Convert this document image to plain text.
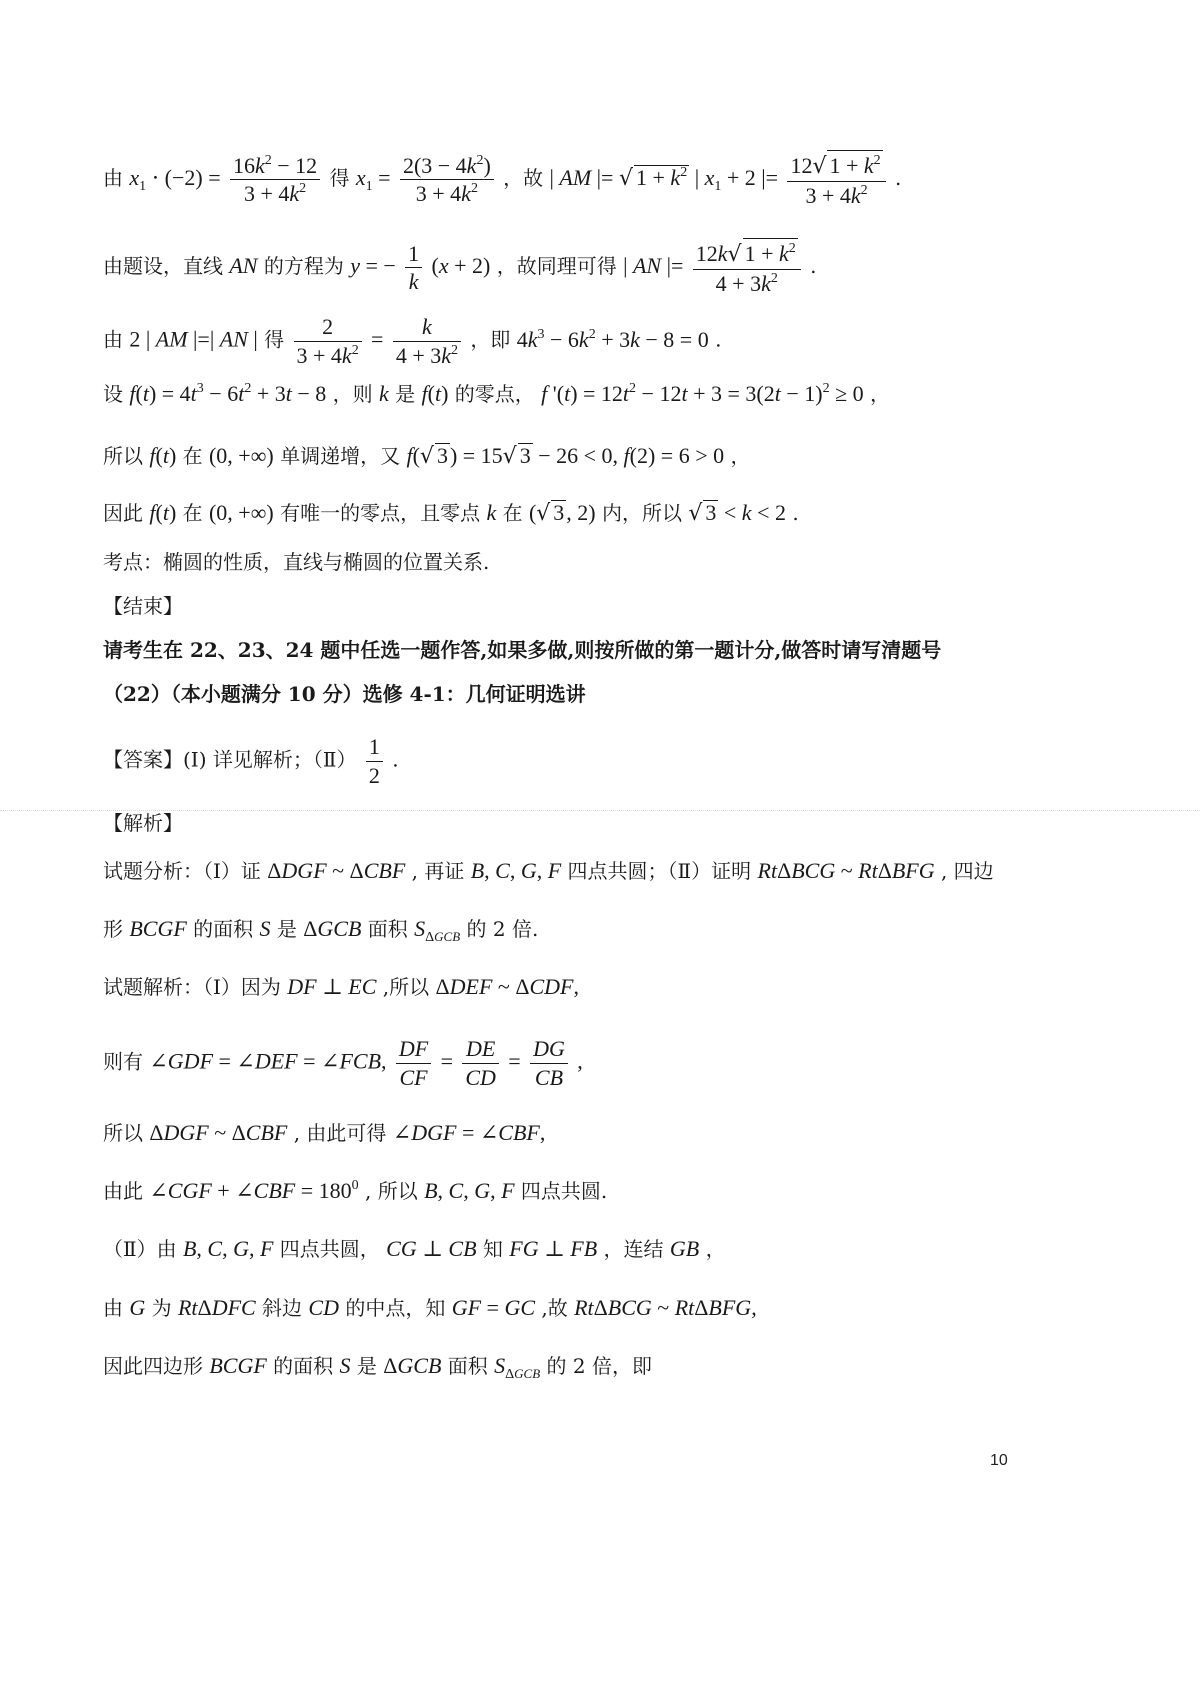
由 $x_1 \cdot (-2) = \frac{16k^2 - 12}{3 + 4k^2}$ 得 $x_1 = \frac{2(3 - 4k^2)}{3 + 4k^2}$ ，故 | AM |= √ $1 + k^2$ | $x_1 + 2$ |= $\frac{12√ 1 + k^2}{3 + 4k^2}$ .
由题设，直线 AN 的方程为 y = − $\frac{1}{k} (x + 2)$ ，故同理可得 | AN |= $\frac{12k√ 1 + k^2}{4 + 3k^2}$ .
由 2 | AM |=| AN | 得 $\frac{2}{3 + 4k^2} = \frac{k}{4 + 3k^2}$ ，即 $4k^3 - 6k^2 + 3k - 8 = 0$ .
设 $f(t) = 4t^3 - 6t^2 + 3t - 8$ ，则 k 是 f(t) 的零点， f '$(t) = 12t^2 - 12t + 3 = 3(2t - 1)^2 \ge 0$ ，
所以 f(t) 在 (0, +∞) 单调递增，又 f(√ 3) = 15√ 3 − 26 < 0, f(2) = 6 > 0 ，
因此 f(t) 在 (0, +∞) 有唯一的零点，且零点 k 在 (√ 3, 2) 内，所以 √ 3 < k < 2 .
考点：椭圆的性质，直线与椭圆的位置关系.
【结束】
请考生在 22、23、24 题中任选一题作答,如果多做,则按所做的第一题计分,做答时请写清题号
（22）（本小题满分 10 分）选修 4-1：几何证明选讲
【答案】(Ⅰ) 详见解析；（Ⅱ） $\frac{1}{2}$ .
【解析】
试题分析：（Ⅰ）证 ΔDGF ~ ΔCBF , 再证 B, C, G, F 四点共圆；（Ⅱ）证明 RtΔBCG ~ RtΔBFG , 四边
形 BCGF 的面积 S 是 ΔGCB 面积 $S_{\Delta GCB}$ 的 2 倍.
试题解析：（Ⅰ）因为 DF ⊥ EC ,所以 ΔDEF ~ ΔCDF,
则有 ∠GDF = ∠DEF = ∠FCB, $\frac{DF}{CF} = \frac{DE}{CD} = \frac{DG}{CB}$ ,
所以 ΔDGF ~ ΔCBF , 由此可得 ∠DGF = ∠CBF,
由此 ∠CGF + ∠CBF = $180^0$ , 所以 B, C, G, F 四点共圆.
（Ⅱ）由 B, C, G, F 四点共圆， CG ⊥ CB 知 FG ⊥ FB ，连结 GB ，
由 G 为 RtΔDFC 斜边 CD 的中点，知 GF = GC ,故 RtΔBCG ~ RtΔBFG,
因此四边形 BCGF 的面积 S 是 ΔGCB 面积 $S_{\Delta GCB}$ 的 2 倍，即
10
